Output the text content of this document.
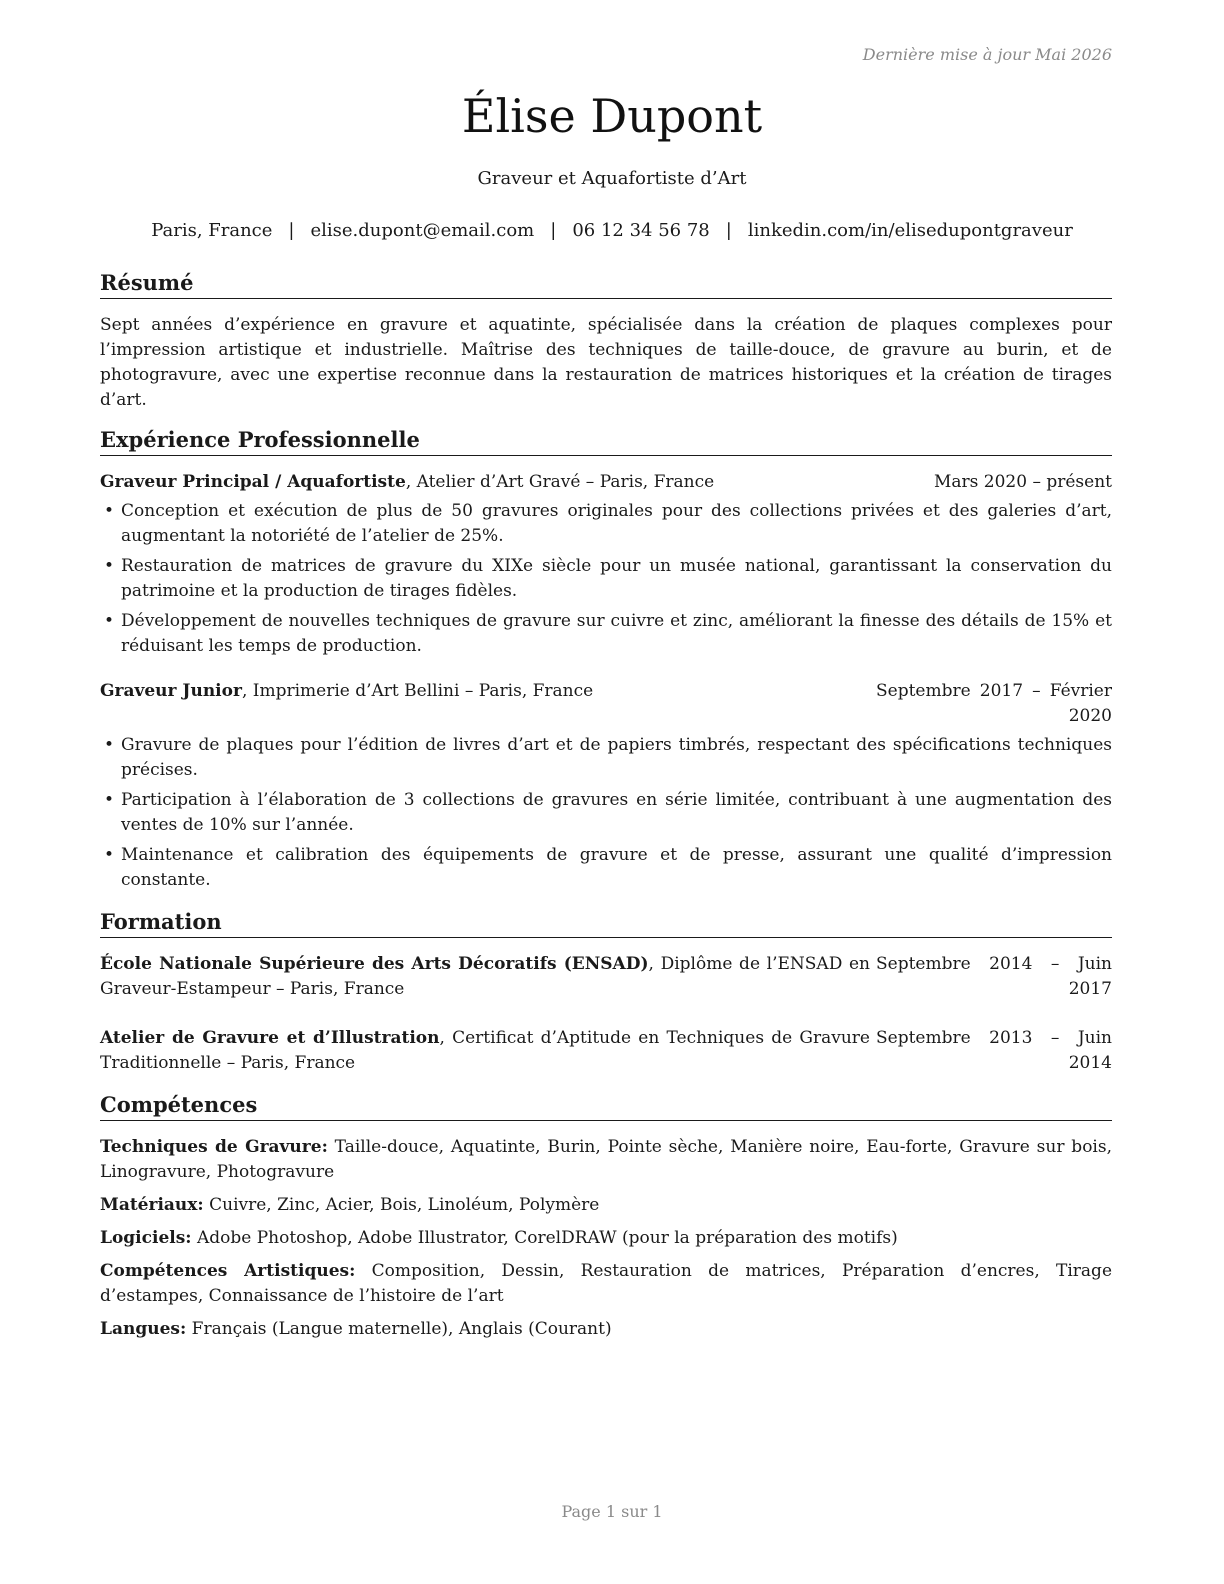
Dernière mise à jour Mai 2026
Élise Dupont
Graveur et Aquafortiste d’Art
Paris, France | elise.dupont@email.com | 06 12 34 56 78 | linkedin.com/in/elisedupontgraveur
Résumé
Sept années d’expérience en gravure et aquatinte, spécialisée dans la création de plaques complexes pour l’impression artistique et industrielle. Maîtrise des techniques de taille-douce, de gravure au burin, et de photogravure, avec une expertise reconnue dans la restauration de matrices historiques et la création de tirages d’art.
Expérience Professionnelle
Graveur Principal / Aquafortiste, Atelier d’Art Gravé – Paris, France	Mars 2020 – présent
• Conception et exécution de plus de 50 gravures originales pour des collections privées et des galeries d’art, augmentant la notoriété de l’atelier de 25%.
• Restauration de matrices de gravure du XIXe siècle pour un musée national, garantissant la conservation du patrimoine et la production de tirages fidèles.
• Développement de nouvelles techniques de gravure sur cuivre et zinc, améliorant la finesse des détails de 15% et réduisant les temps de production.
Graveur Junior, Imprimerie d’Art Bellini – Paris, France	Septembre 2017 – Février 2020
• Gravure de plaques pour l’édition de livres d’art et de papiers timbrés, respectant des spécifications techniques précises.
• Participation à l’élaboration de 3 collections de gravures en série limitée, contribuant à une augmentation des ventes de 10% sur l’année.
• Maintenance et calibration des équipements de gravure et de presse, assurant une qualité d’impression constante.
Formation
École Nationale Supérieure des Arts Décoratifs (ENSAD), Diplôme de l’ENSAD en Graveur-Estampeur – Paris, France
Septembre 2014 – Juin 2017
Atelier de Gravure et d’Illustration, Certificat d’Aptitude en Techniques de Gravure Traditionnelle – Paris, France
Septembre 2013 – Juin 2014
Compétences
Techniques de Gravure: Taille-douce, Aquatinte, Burin, Pointe sèche, Manière noire, Eau-forte, Gravure sur bois, Linogravure, Photogravure
Matériaux: Cuivre, Zinc, Acier, Bois, Linoléum, Polymère
Logiciels: Adobe Photoshop, Adobe Illustrator, CorelDRAW (pour la préparation des motifs)
Compétences Artistiques: Composition, Dessin, Restauration de matrices, Préparation d’encres, Tirage d’estampes, Connaissance de l’histoire de l’art
Langues: Français (Langue maternelle), Anglais (Courant)
Page 1 sur 1
